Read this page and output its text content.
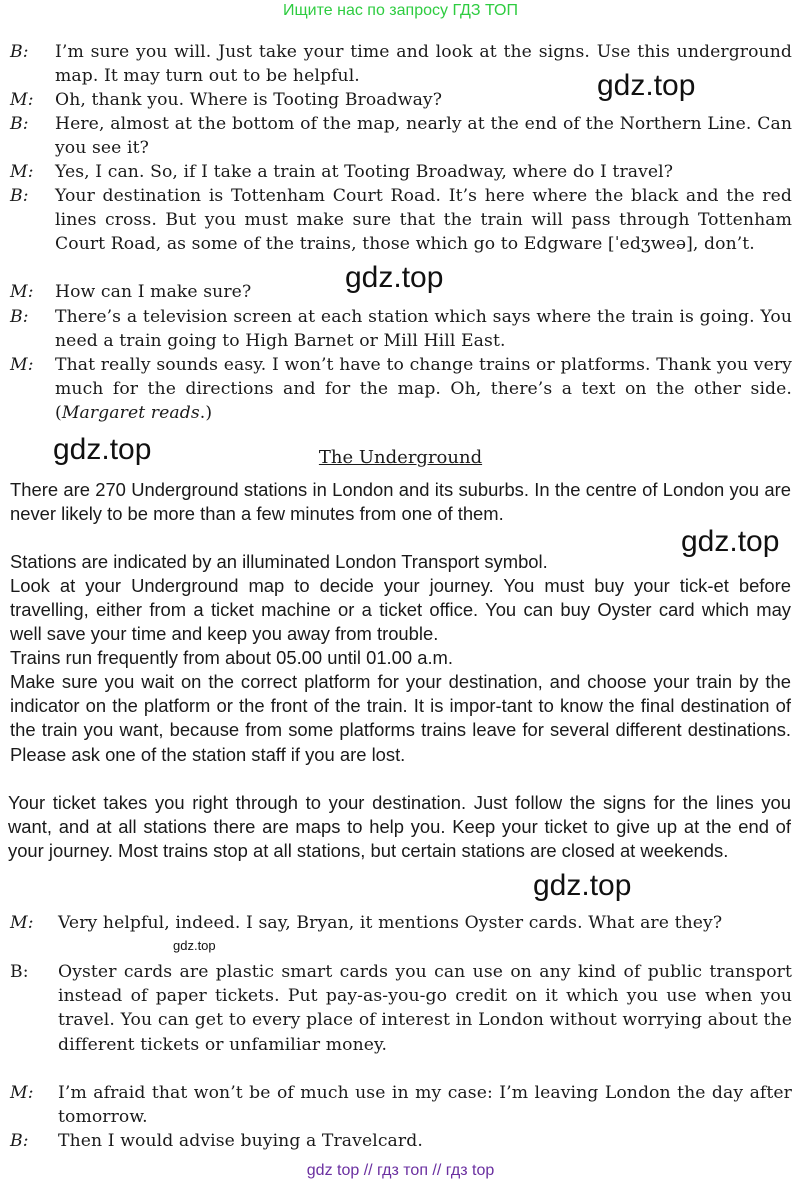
Ищите нас по запросу ГДЗ ТОП
B: I’m sure you will. Just take your time and look at the signs. Use this underground map. It may turn out to be helpful.
M: Oh, thank you. Where is Tooting Broadway?
B: Here, almost at the bottom of the map, nearly at the end of the Northern Line. Can you see it?
M: Yes, I can. So, if I take a train at Tooting Broadway, where do I travel?
B: Your destination is Tottenham Court Road. It’s here where the black and the red lines cross. But you must make sure that the train will pass through Tottenham Court Road, as some of the trains, those which go to Edgware [ˈedʒweə], don’t.
M: How can I make sure?
B: There’s a television screen at each station which says where the train is going. You need a train going to High Barnet or Mill Hill East.
M: That really sounds easy. I won’t have to change trains or platforms. Thank you very much for the directions and for the map. Oh, there’s a text on the other side. (Margaret reads.)
The Underground
There are 270 Underground stations in London and its suburbs. In the centre of London you are never likely to be more than a few minutes from one of them.
Stations are indicated by an illuminated London Transport symbol.
Look at your Underground map to decide your journey. You must buy your tick-et before travelling, either from a ticket machine or a ticket office. You can buy Oyster card which may well save your time and keep you away from trouble.
Trains run frequently from about 05.00 until 01.00 a.m.
Make sure you wait on the correct platform for your destination, and choose your train by the indicator on the platform or the front of the train. It is impor-tant to know the final destination of the train you want, because from some platforms trains leave for several different destinations. Please ask one of the station staff if you are lost.
Your ticket takes you right through to your destination. Just follow the signs for the lines you want, and at all stations there are maps to help you. Keep your ticket to give up at the end of your journey. Most trains stop at all stations, but certain stations are closed at weekends.
M: Very helpful, indeed. I say, Bryan, it mentions Oyster cards. What are they?
B: Oyster cards are plastic smart cards you can use on any kind of public transport instead of paper tickets. Put pay-as-you-go credit on it which you use when you travel. You can get to every place of interest in London without worrying about the different tickets or unfamiliar money.
M: I’m afraid that won’t be of much use in my case: I’m leaving London the day after tomorrow.
B: Then I would advise buying a Travelcard.
gdz.top
gdz.top
gdz.top
gdz.top
gdz.top
gdz.top
gdz top // гдз топ // гдз top
